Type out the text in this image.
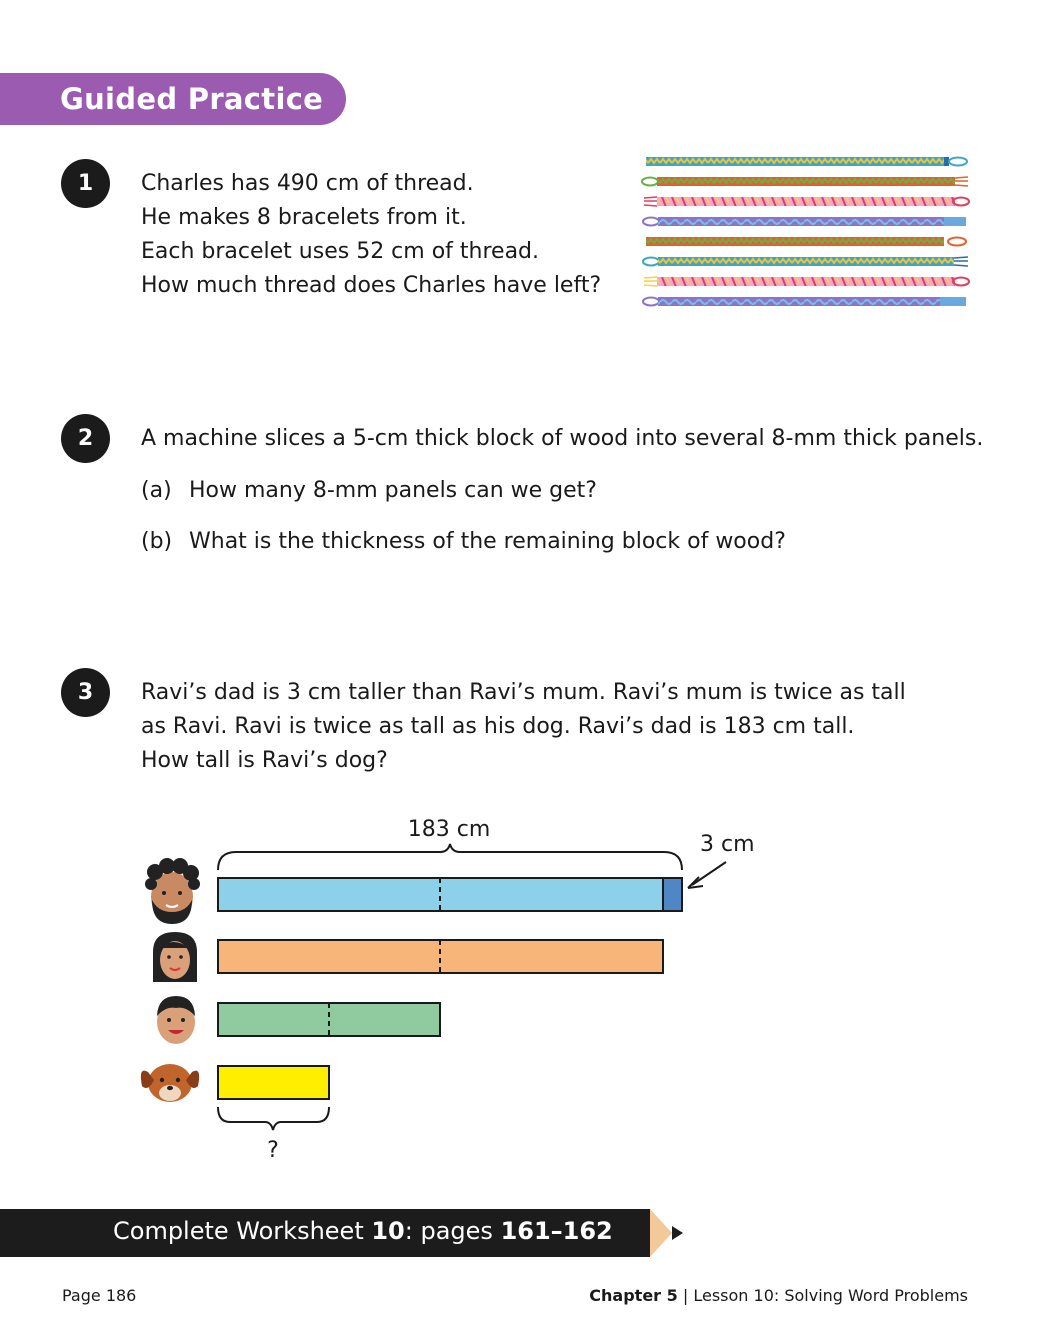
Guided Practice
1	Charles has 490 cm of thread.
He makes 8 bracelets from it.
Each bracelet uses 52 cm of thread.
How much thread does Charles have left?
2	A machine slices a 5-cm thick block of wood into several 8-mm thick panels.
(a) How many 8-mm panels can we get?
(b) What is the thickness of the remaining block of wood?
3	Ravi’s dad is 3 cm taller than Ravi’s mum. Ravi’s mum is twice as tall
as Ravi. Ravi is twice as tall as his dog. Ravi’s dad is 183 cm tall.
How tall is Ravi’s dog?
183 cm
3 cm
?
Complete Worksheet 10: pages 161–162
Page 186	Chapter 5 | Lesson 10: Solving Word Problems
